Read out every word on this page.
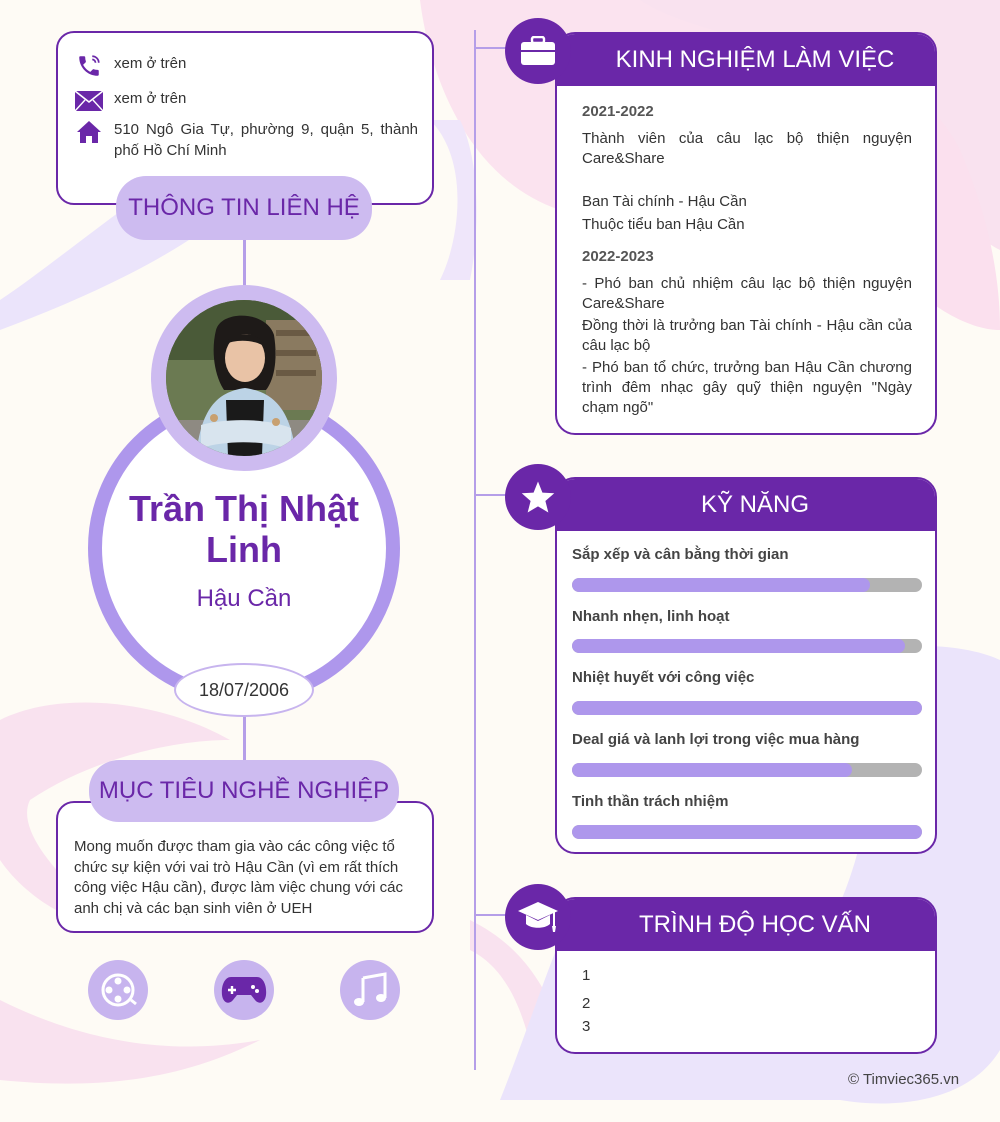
xem ở trên
xem ở trên
510 Ngô Gia Tự, phường 9, quận 5, thành phố Hồ Chí Minh
THÔNG TIN LIÊN HỆ
Trần Thị Nhật Linh
Hậu Cần
18/07/2006
Mong muốn được tham gia vào các công việc tổ chức sự kiện với vai trò Hậu Cần (vì em rất thích công việc Hậu cần), được làm việc chung với các anh chị và các bạn sinh viên ở UEH
MỤC TIÊU NGHỀ NGHIỆP
KINH NGHIỆM LÀM VIỆC
2021-2022
Thành viên của câu lạc bộ thiện nguyện Care&Share
Ban Tài chính - Hậu Cần
Thuộc tiểu ban Hậu Cần
2022-2023
- Phó ban chủ nhiệm câu lạc bộ thiện nguyện Care&Share
Đồng thời là trưởng ban Tài chính - Hậu cần của câu lạc bộ
- Phó ban tổ chức, trưởng ban Hậu Cần chương trình đêm nhạc gây quỹ thiện nguyện "Ngày chạm ngõ"
KỸ NĂNG
Sắp xếp và cân bằng thời gian
Nhanh nhẹn, linh hoạt
Nhiệt huyết với công việc
Deal giá và lanh lợi trong việc mua hàng
Tinh thần trách nhiệm
TRÌNH ĐỘ HỌC VẤN
1
2
3
© Timviec365.vn
